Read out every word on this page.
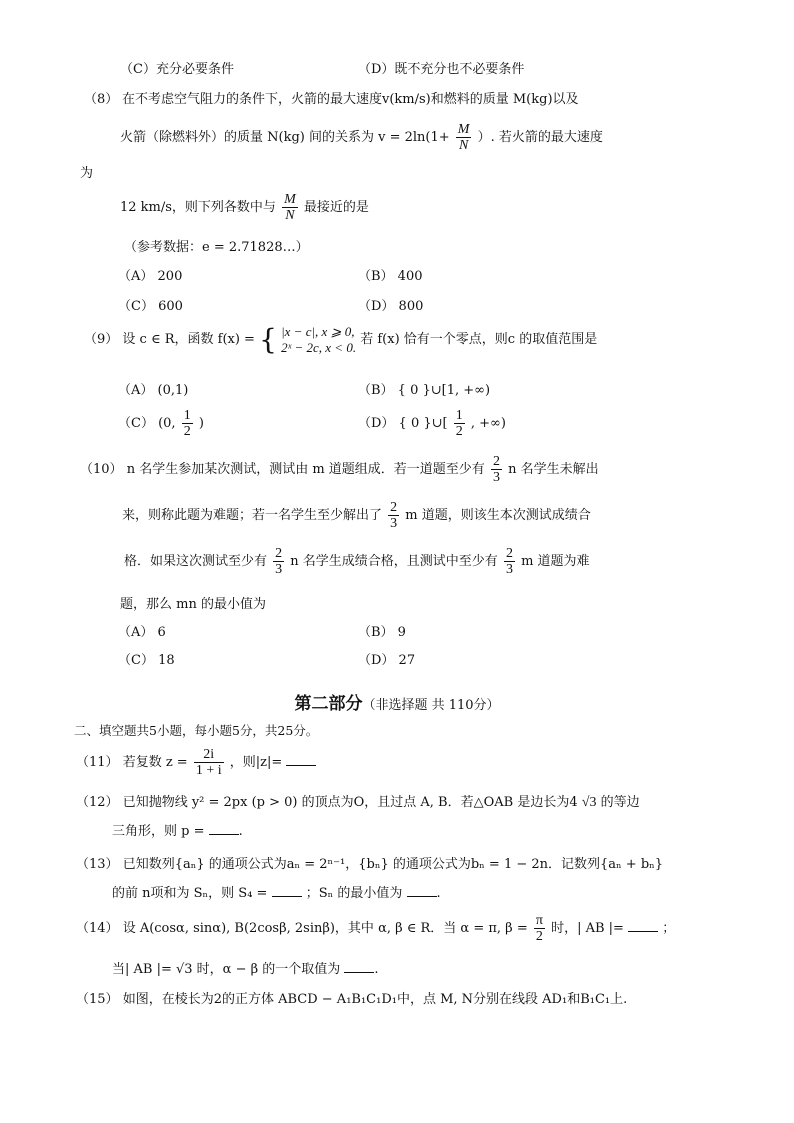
（C）充分必要条件	（D）既不充分也不必要条件
（8） 在不考虑空气阻力的条件下，火箭的最大速度v(km/s)和燃料的质量 M(kg)以及
火箭（除燃料外）的质量 N(kg) 间的关系为 $v = 2\ln(1+ \frac{M}{N}$ ）. 若火箭的最大速度
为
12 km/s，则下列各数中与 $\frac{M}{N}$ 最接近的是
（参考数据：e = 2.71828…）
（A） 200	（B） 400
（C） 600	（D） 800
（9） 设 c ∈ R，函数 f(x) = { |x − c|, x ⩾ 0,
2ˣ − 2c, x < 0. 若 f(x) 恰有一个零点，则c 的取值范围是
（A） (0,1)	（B） { 0 }∪[1, +∞)
（C） (0, $\frac{1}{2}$ )	（D） { 0 }∪[ $\frac{1}{2}$ , +∞)
（10） n 名学生参加某次测试，测试由 m 道题组成．若一道题至少有 $\frac{2}{3}$ n 名学生未解出
来，则称此题为难题；若一名学生至少解出了 $\frac{2}{3}$ m 道题，则该生本次测试成绩合
格．如果这次测试至少有 $\frac{2}{3}$ n 名学生成绩合格，且测试中至少有 $\frac{2}{3}$ m 道题为难
题，那么 mn 的最小值为
（A） 6	（B） 9
（C） 18	（D） 27
第二部分（非选择题 共 110分）
二、填空题共5小题，每小题5分，共25分。
（11） 若复数 $z = \frac{2i}{1 + i}$ ，则|z|=
（12） 已知抛物线 y² = 2px (p > 0) 的顶点为O，且过点 A, B．若△OAB 是边长为4 √3 的等边
三角形，则 p =	.
（13） 已知数列{aₙ} 的通项公式为aₙ = 2ⁿ⁻¹，{bₙ} 的通项公式为bₙ = 1 − 2n．记数列{aₙ + bₙ}
的前 n项和为 Sₙ，则 S₄ =	；Sₙ 的最小值为	.
（14） 设 A(cosα, sinα), B(2cosβ, 2sinβ)，其中 α, β ∈ R．当 α = π, $\beta = \frac{\pi}{2}$ 时，| AB |=	；
当| AB |= √3 时，α − β 的一个取值为	.
（15） 如图，在棱长为2的正方体 ABCD − A₁B₁C₁D₁中，点 M, N分别在线段 AD₁和B₁C₁上.
